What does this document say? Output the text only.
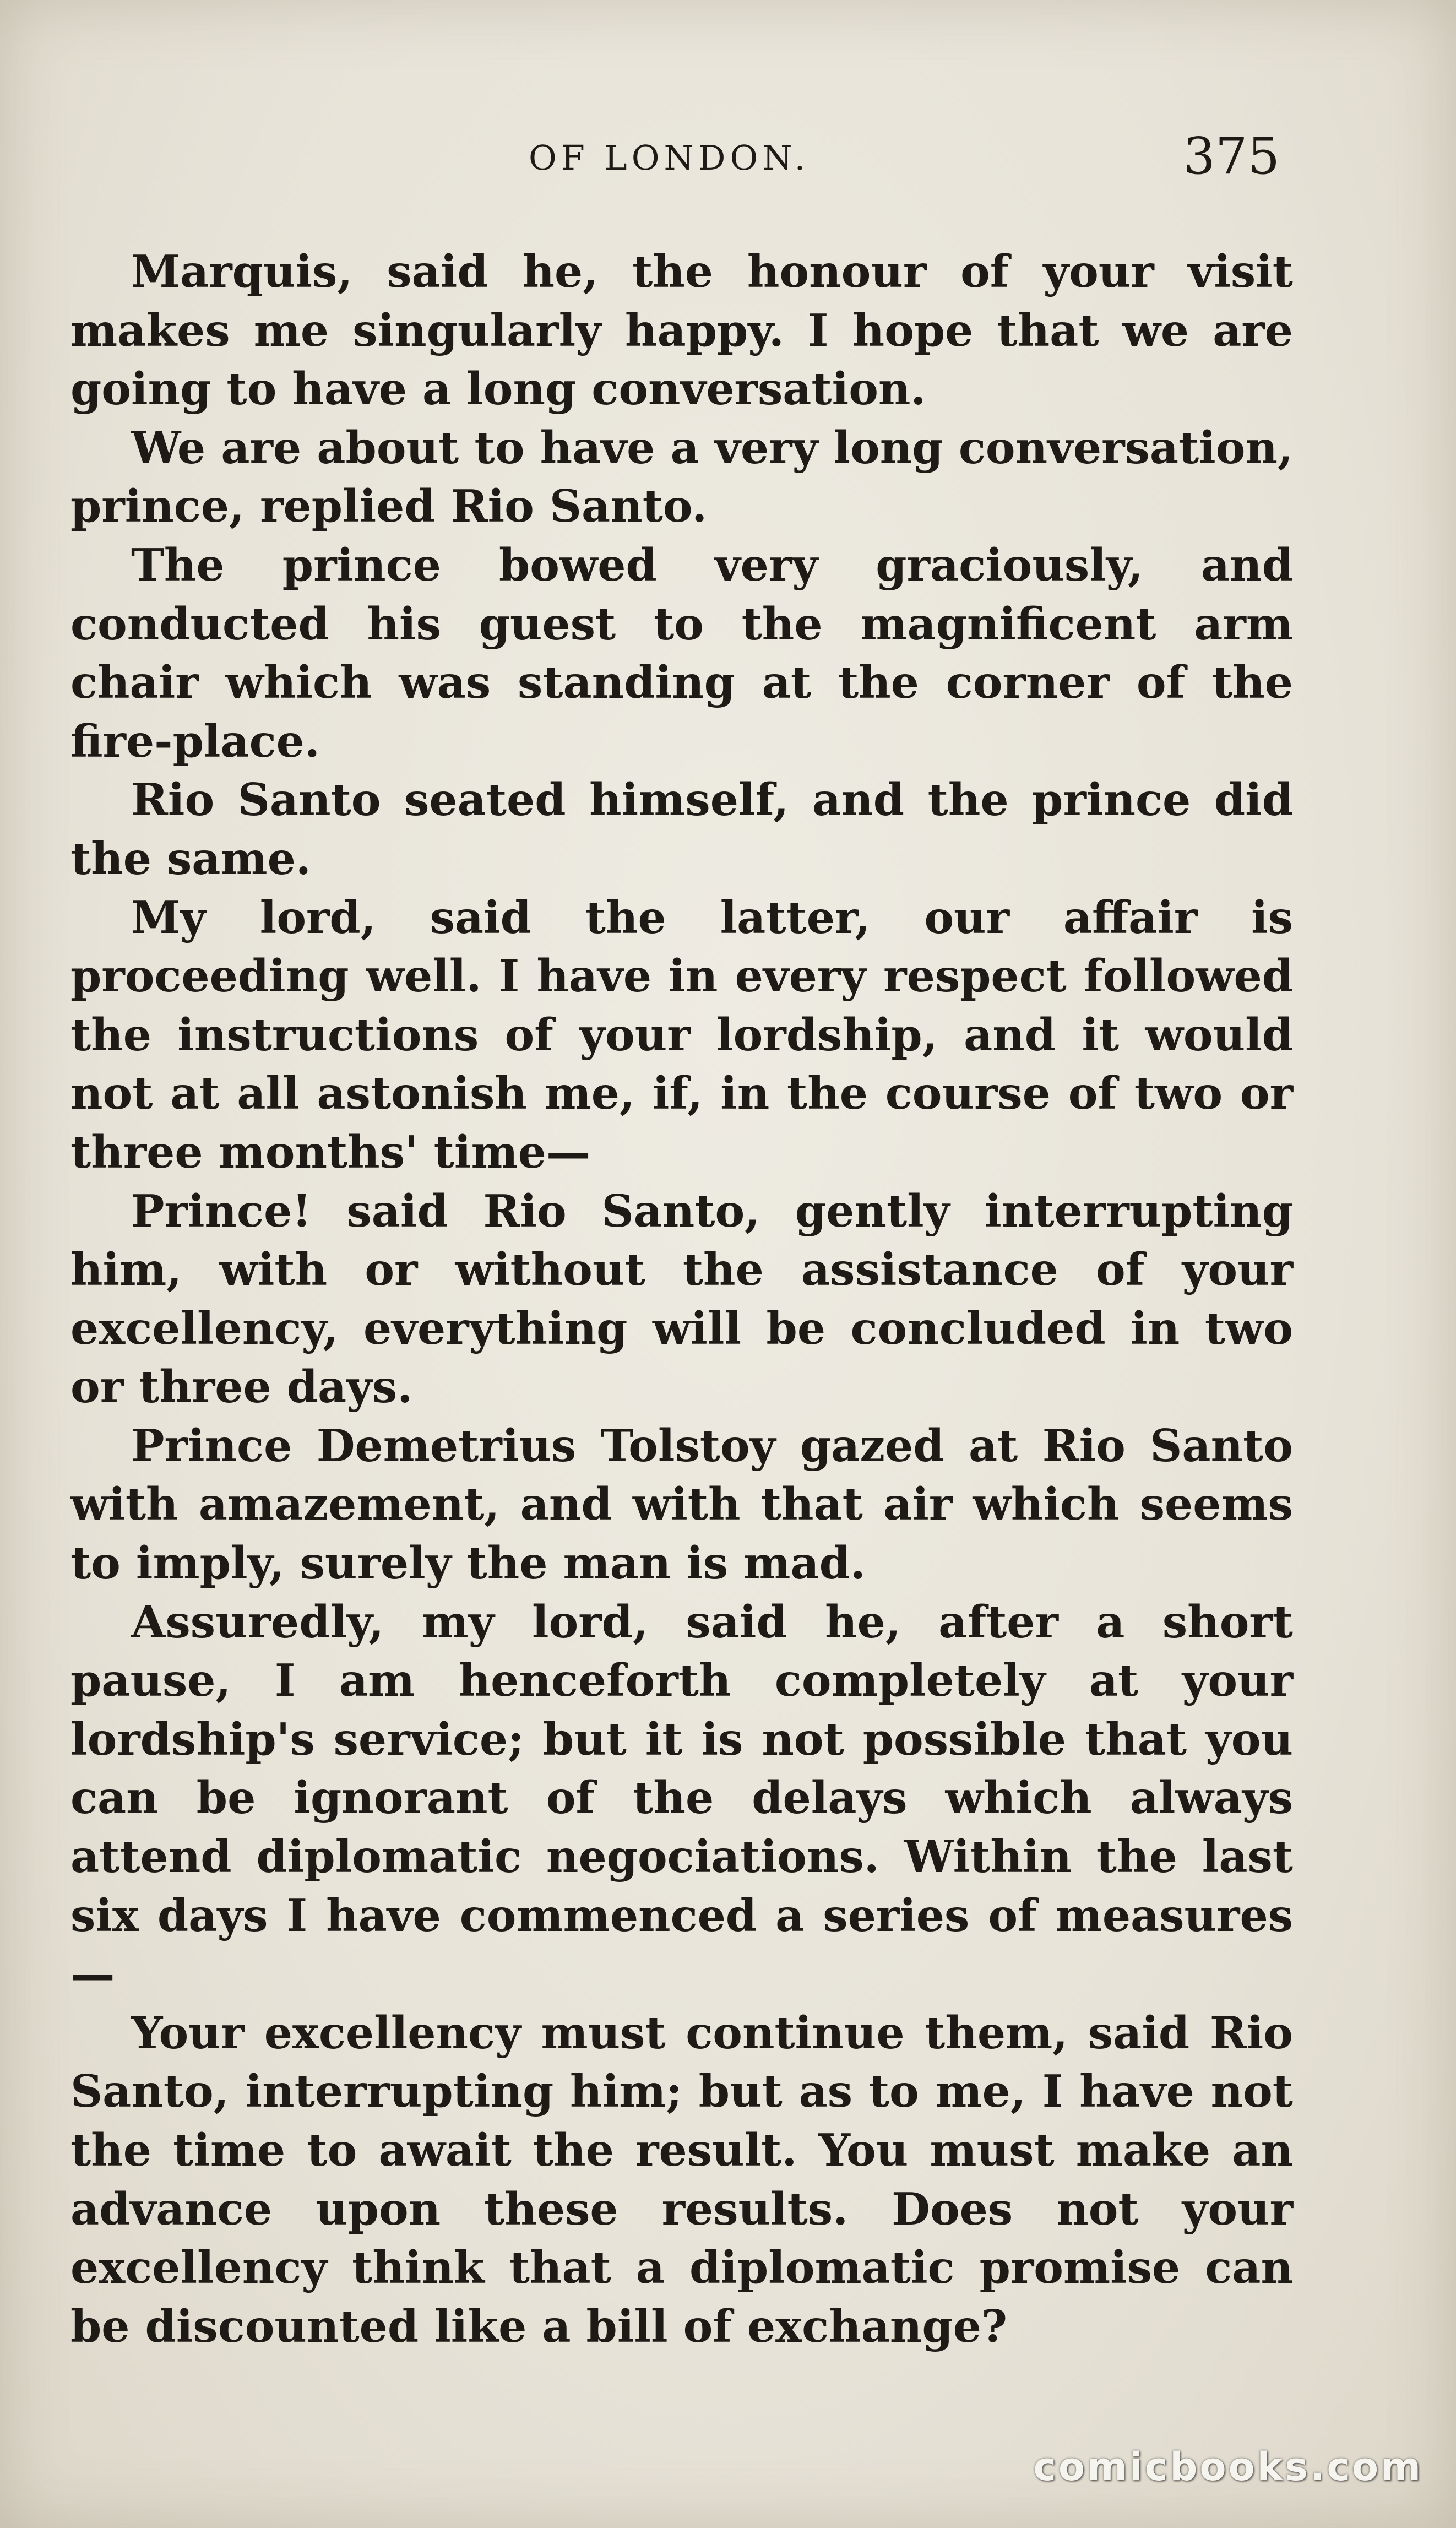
OF LONDON.	375

Marquis, said he, the honour of your visit makes me singularly happy. I hope that we are going to have a long conversation.

We are about to have a very long conversation, prince, replied Rio Santo.

The prince bowed very graciously, and conducted his guest to the magnificent arm chair which was standing at the corner of the fire-place.

Rio Santo seated himself, and the prince did the same.

My lord, said the latter, our affair is proceeding well. I have in every respect followed the instructions of your lordship, and it would not at all astonish me, if, in the course of two or three months' time—

Prince! said Rio Santo, gently interrupting him, with or without the assistance of your excellency, everything will be concluded in two or three days.

Prince Demetrius Tolstoy gazed at Rio Santo with amazement, and with that air which seems to imply, surely the man is mad.

Assuredly, my lord, said he, after a short pause, I am henceforth completely at your lordship's service; but it is not possible that you can be ignorant of the delays which always attend diplomatic negociations. Within the last six days I have commenced a series of measures—

Your excellency must continue them, said Rio Santo, interrupting him; but as to me, I have not the time to await the result. You must make an advance upon these results. Does not your excellency think that a diplomatic promise can be discounted like a bill of exchange?

comicbooks.com
